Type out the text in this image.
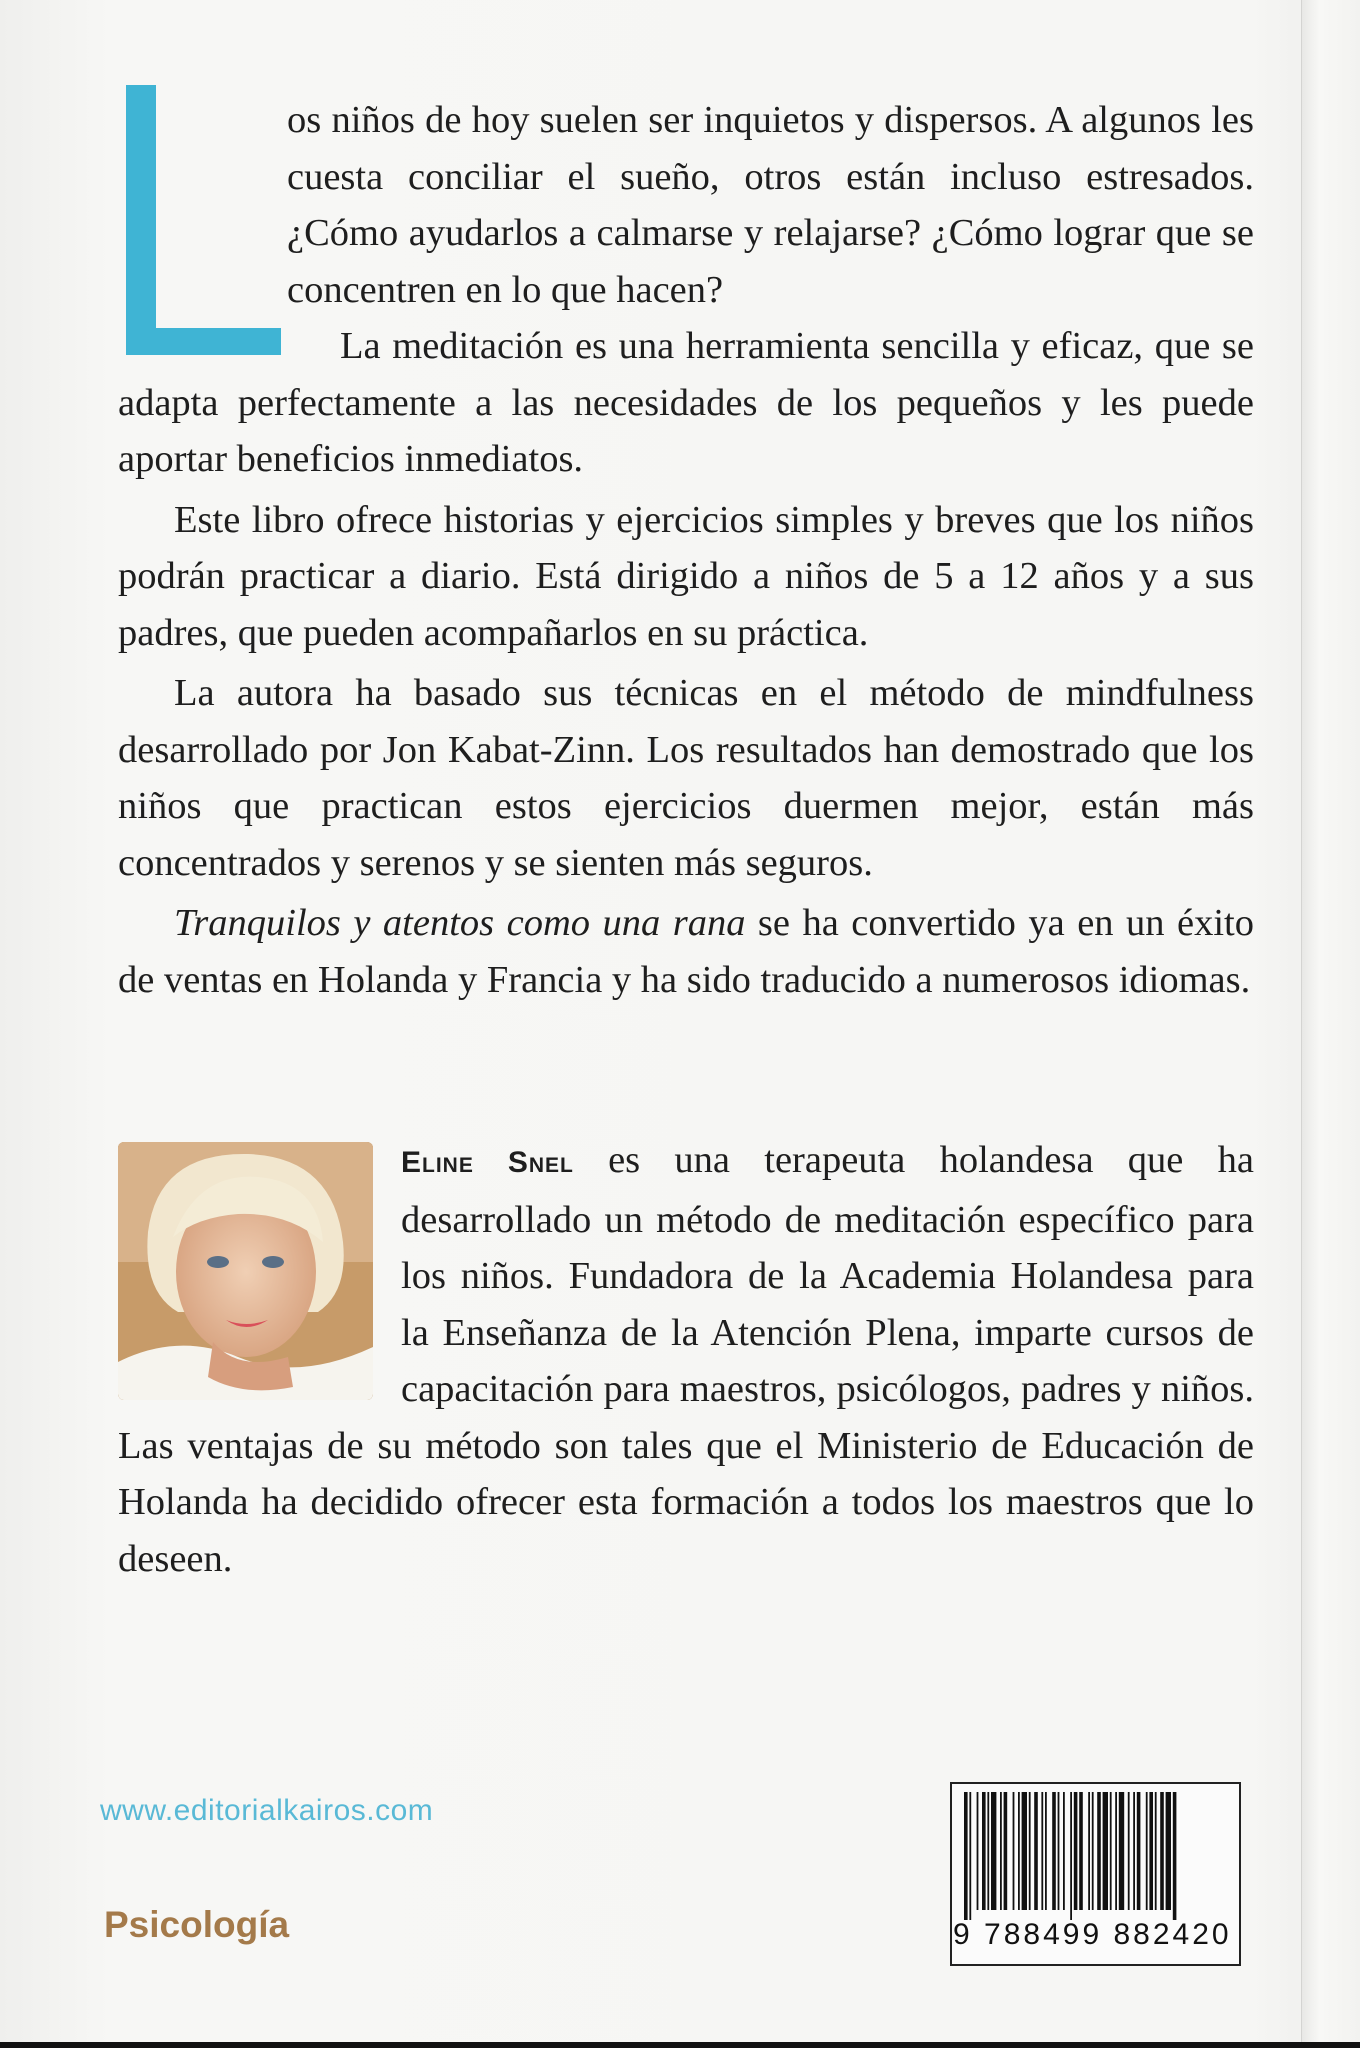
os niños de hoy suelen ser inquietos y dispersos. A algunos les cuesta conciliar el sueño, otros están incluso estresados. ¿Cómo ayudarlos a calmarse y relajarse? ¿Cómo lograr que se concentren en lo que hacen?

La meditación es una herramienta sencilla y eficaz, que se adapta perfectamente a las necesidades de los pequeños y les puede aportar beneficios inmediatos.

Este libro ofrece historias y ejercicios simples y breves que los niños podrán practicar a diario. Está dirigido a niños de 5 a 12 años y a sus padres, que pueden acompañarlos en su práctica.

La autora ha basado sus técnicas en el método de mindfulness desarrollado por Jon Kabat-Zinn. Los resultados han demostrado que los niños que practican estos ejercicios duermen mejor, están más concentrados y serenos y se sienten más seguros.

Tranquilos y atentos como una rana se ha convertido ya en un éxito de ventas en Holanda y Francia y ha sido traducido a numerosos idiomas.

Eline Snel es una terapeuta holandesa que ha desarrollado un método de meditación específico para los niños. Fundadora de la Academia Holandesa para la Enseñanza de la Atención Plena, imparte cursos de capacitación para maestros, psicólogos, padres y niños. Las ventajas de su método son tales que el Ministerio de Educación de Holanda ha decidido ofrecer esta formación a todos los maestros que lo deseen.
www.editorialkairos.com
Psicología	9 788499 882420
